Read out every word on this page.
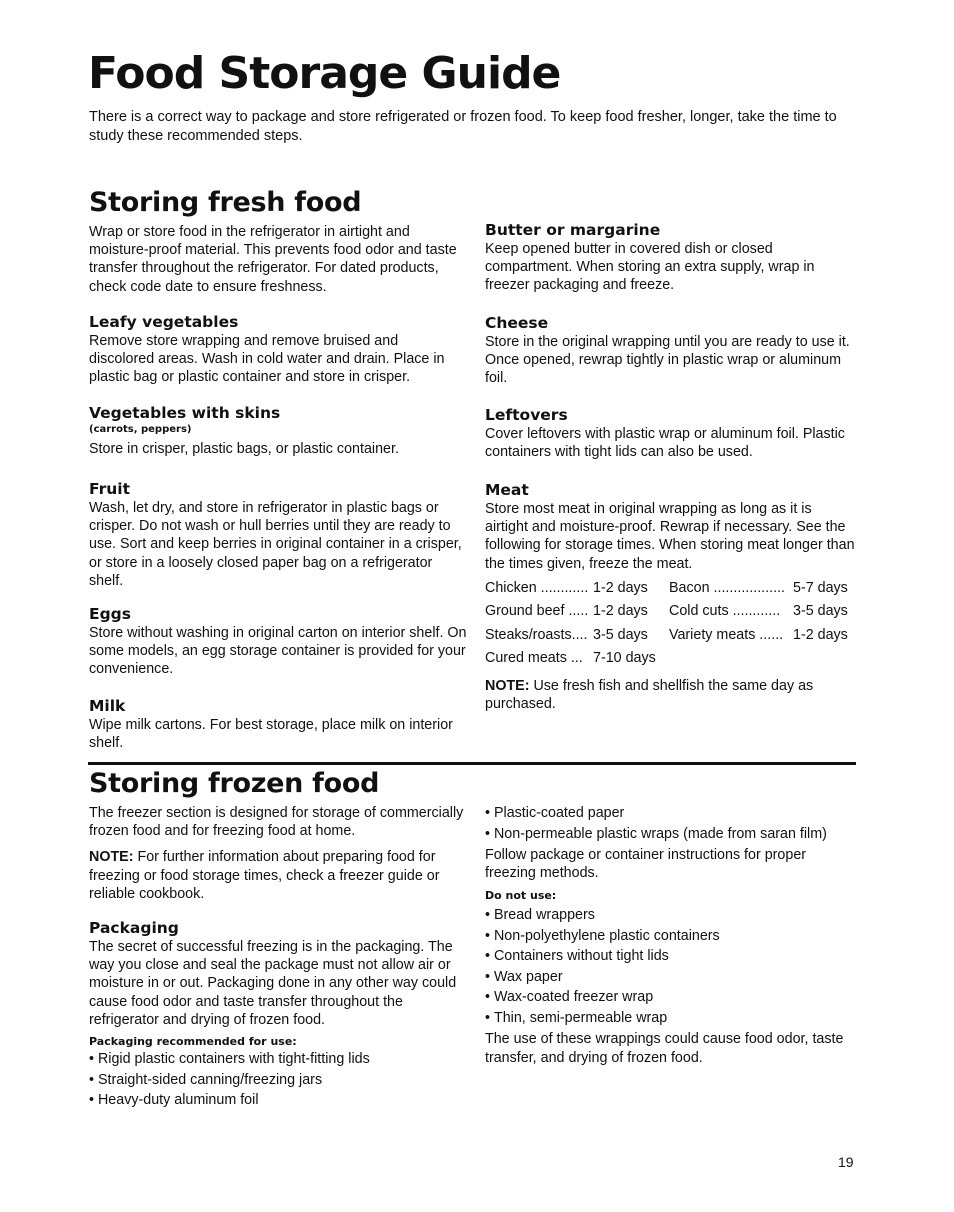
Food Storage Guide

There is a correct way to package and store refrigerated or frozen food. To keep food fresher, longer, take the time to study these recommended steps.

Storing fresh food

Wrap or store food in the refrigerator in airtight and moisture-proof material. This prevents food odor and taste transfer throughout the refrigerator. For dated products, check code date to ensure freshness.

Leafy vegetables

Remove store wrapping and remove bruised and discolored areas. Wash in cold water and drain. Place in plastic bag or plastic container and store in crisper.

Vegetables with skins
(carrots, peppers)

Store in crisper, plastic bags, or plastic container.

Fruit

Wash, let dry, and store in refrigerator in plastic bags or crisper. Do not wash or hull berries until they are ready to use. Sort and keep berries in original container in a crisper, or store in a loosely closed paper bag on a refrigerator shelf.

Eggs

Store without washing in original carton on interior shelf. On some models, an egg storage container is provided for your convenience.

Milk

Wipe milk cartons. For best storage, place milk on interior shelf.

Butter or margarine

Keep opened butter in covered dish or closed compartment. When storing an extra supply, wrap in freezer packaging and freeze.

Cheese

Store in the original wrapping until you are ready to use it. Once opened, rewrap tightly in plastic wrap or aluminum foil.

Leftovers

Cover leftovers with plastic wrap or aluminum foil. Plastic containers with tight lids can also be used.

Meat

Store most meat in original wrapping as long as it is airtight and moisture-proof. Rewrap if necessary. See the following for storage times. When storing meat longer than the times given, freeze the meat.

Chicken ............	1-2 days	Bacon ..................	5-7 days
Ground beef .....	1-2 days	Cold cuts ............	3-5 days
Steaks/roasts....	3-5 days	Variety meats ......	1-2 days
Cured meats ...	7-10 days		

NOTE: Use fresh fish and shellfish the same day as purchased.

Storing frozen food

The freezer section is designed for storage of commercially frozen food and for freezing food at home.

NOTE: For further information about preparing food for freezing or food storage times, check a freezer guide or reliable cookbook.

Packaging

The secret of successful freezing is in the packaging. The way you close and seal the package must not allow air or moisture in or out. Packaging done in any other way could cause food odor and taste transfer throughout the refrigerator and drying of frozen food.

Packaging recommended for use:
• Rigid plastic containers with tight-fitting lids
• Straight-sided canning/freezing jars
• Heavy-duty aluminum foil
• Plastic-coated paper
• Non-permeable plastic wraps (made from saran film)

Follow package or container instructions for proper freezing methods.

Do not use:
• Bread wrappers
• Non-polyethylene plastic containers
• Containers without tight lids
• Wax paper
• Wax-coated freezer wrap
• Thin, semi-permeable wrap

The use of these wrappings could cause food odor, taste transfer, and drying of frozen food.

19
